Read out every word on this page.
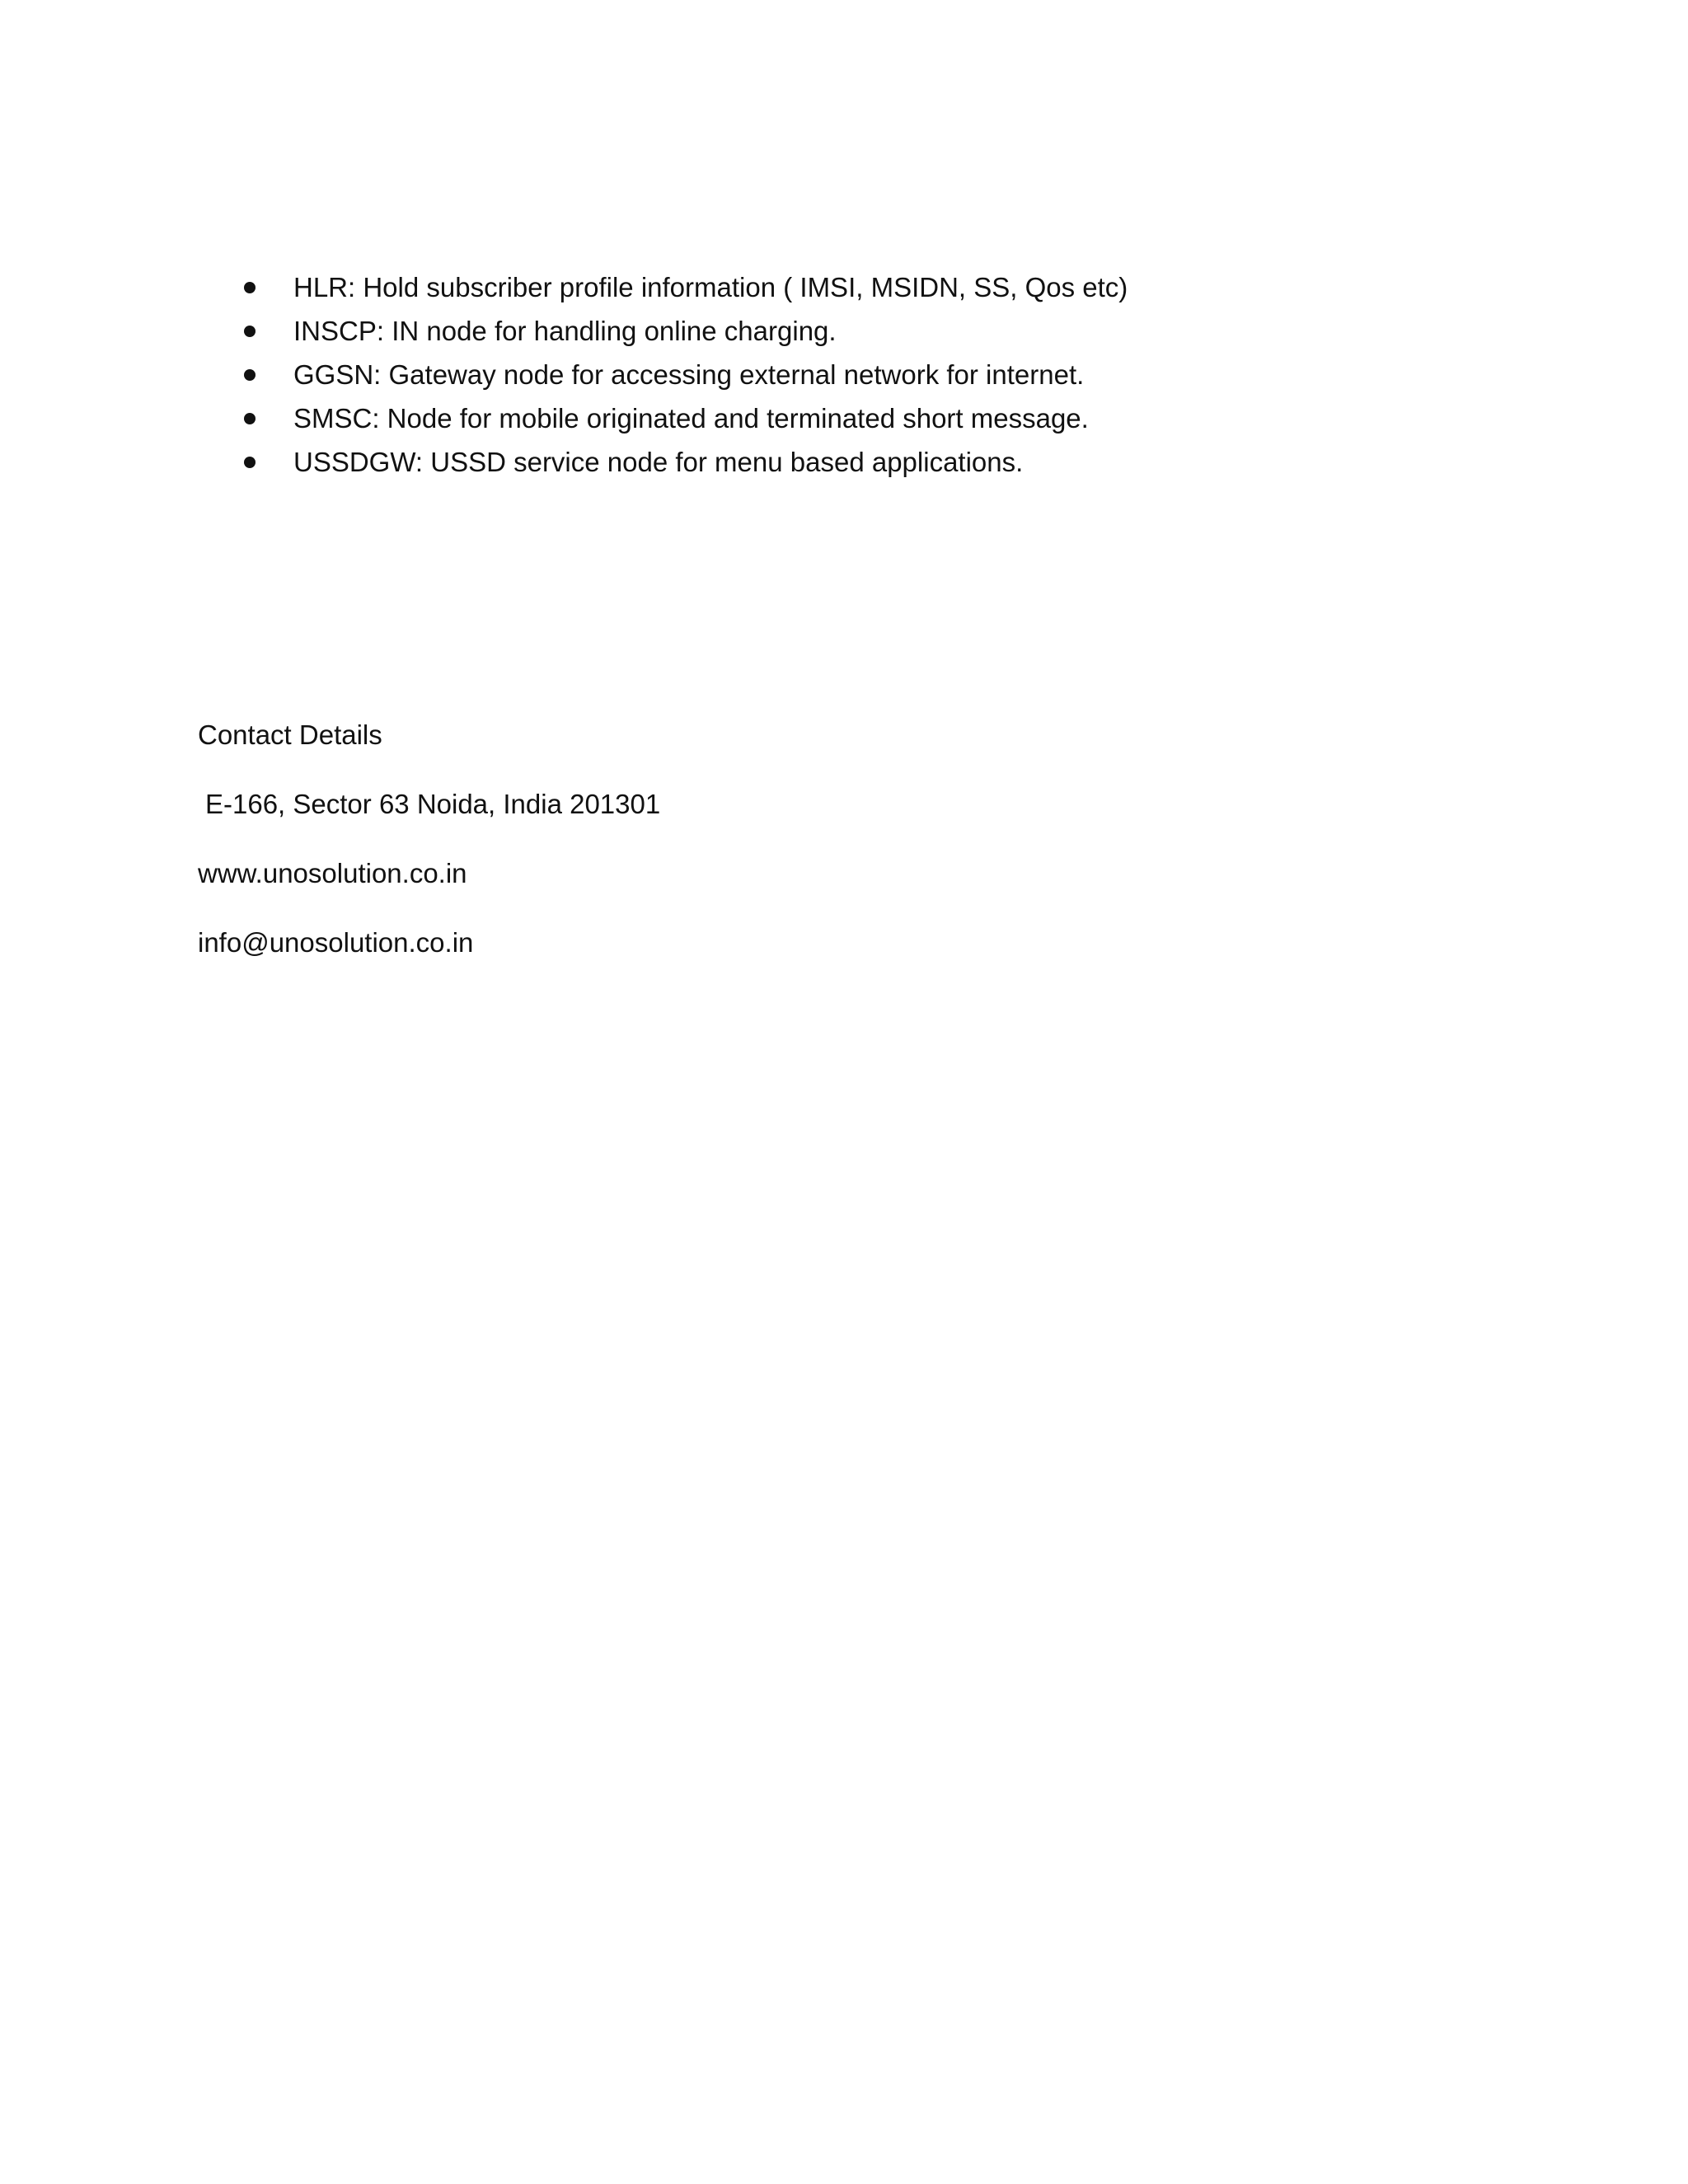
HLR: Hold subscriber profile information ( IMSI, MSIDN, SS, Qos etc)
INSCP: IN node for handling online charging.
GGSN: Gateway node for accessing external network for internet.
SMSC: Node for mobile originated and terminated short message.
USSDGW: USSD service node for menu based applications.
Contact Details
E-166, Sector 63 Noida, India 201301
www.unosolution.co.in
info@unosolution.co.in
